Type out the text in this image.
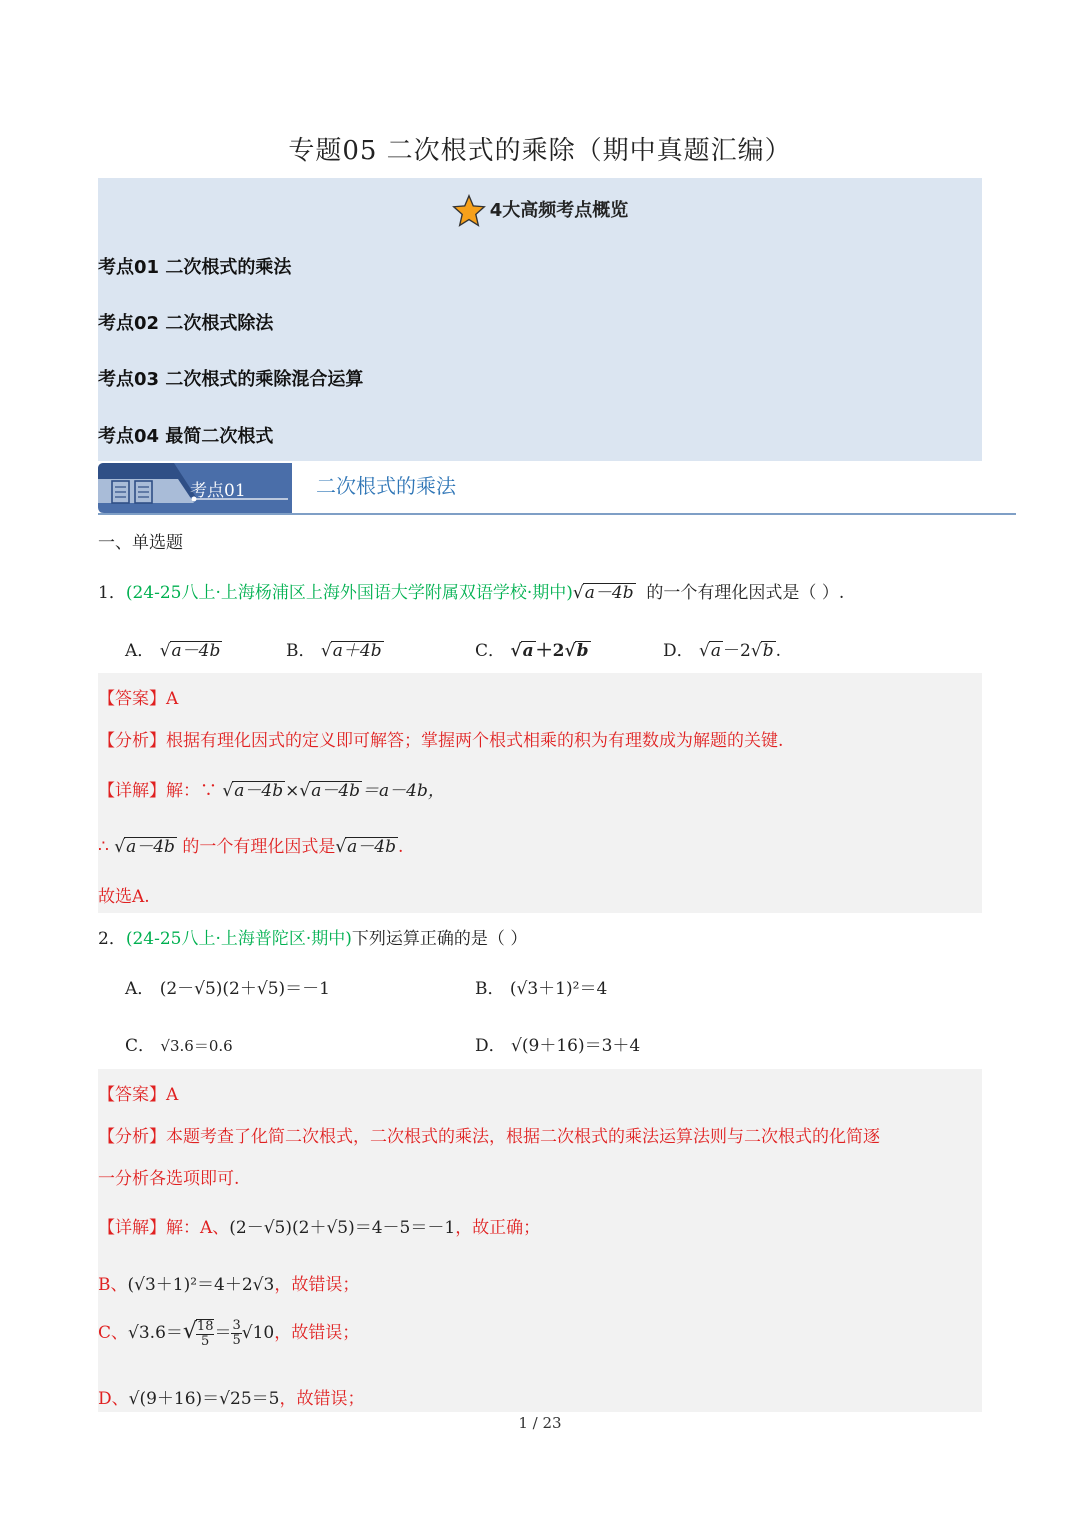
专题05 二次根式的乘除（期中真题汇编）
4大高频考点概览
考点01 二次根式的乘法
考点02 二次根式除法
考点03 二次根式的乘除混合运算
考点04 最简二次根式
考点01	二次根式的乘法
一、单选题
1．(24-25八上·上海杨浦区上海外国语大学附属双语学校·期中)√a－4b 的一个有理化因式是（ ）.
A． √a－4b	B． √a＋4b	C． √a ＋2√b	D． √a －2√b .
【答案】A
【分析】根据有理化因式的定义即可解答；掌握两个根式相乘的积为有理数成为解题的关键.
【详解】解：∵ √a－4b ×√a－4b ＝a－4b，
∴ √a－4b 的一个有理化因式是√a－4b .
故选A.
2．(24-25八上·上海普陀区·期中)下列运算正确的是（ ）
A． (2－√5)(2＋√5)＝－1	B． (√3＋1)²＝4
C． √3.6＝0.6	D． √(9＋16)＝3＋4
【答案】A
【分析】本题考查了化简二次根式，二次根式的乘法，根据二次根式的乘法运算法则与二次根式的化简逐
一分析各选项即可.
【详解】解：A、(2－√5)(2＋√5)＝4－5＝－1，故正确；
B、(√3＋1)²＝4＋2√3，故错误；
C、$√3.6=√ \frac{18}{5} = \frac{3}{5} √10$，故错误；
D、√(9＋16)＝√25＝5，故错误；
1 / 23
